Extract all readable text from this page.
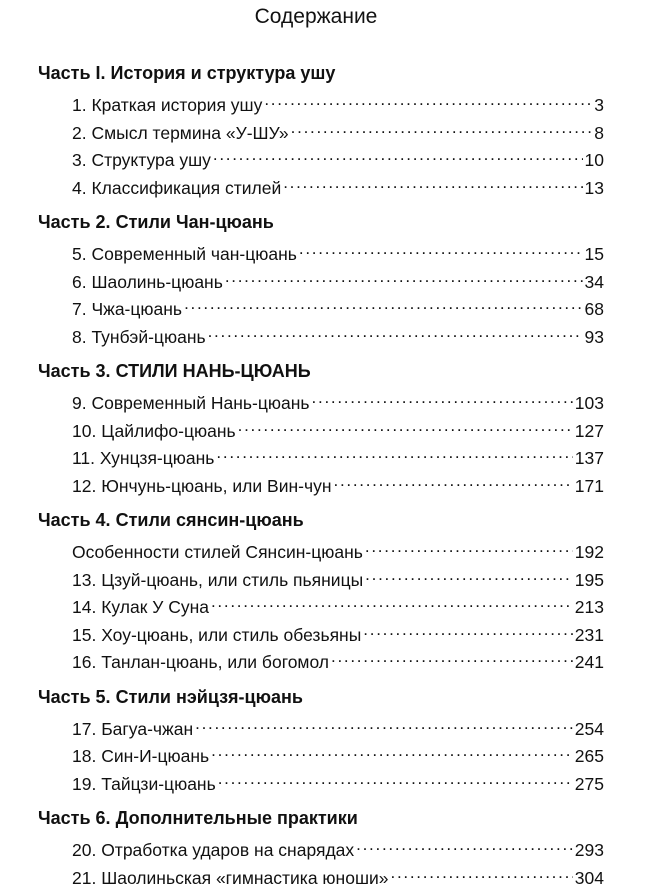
Содержание
Часть I. История и структура ушу
1. Краткая история ушу . . .	3
2. Смысл термина «У-ШУ» . . .	8
3. Структура ушу . . .	10
4. Классификация стилей . . .	13
Часть 2. Стили Чан-цюань
5. Современный чан-цюань . . .	15
6. Шаолинь-цюань . . .	34
7. Чжа-цюань . . .	68
8. Тунбэй-цюань . . .	93
Часть 3. СТИЛИ НАНЬ-ЦЮАНЬ
9. Современный Нань-цюань . . .	103
10. Цайлифо-цюань . . .	127
11. Хунцзя-цюань . . .	137
12. Юнчунь-цюань, или Вин-чун . . .	171
Часть 4. Стили сянсин-цюань
Особенности стилей Сянсин-цюань . . .	192
13. Цзуй-цюань, или стиль пьяницы . . .	195
14. Кулак У Суна . . .	213
15. Хоу-цюань, или стиль обезьяны . . .	231
16. Танлан-цюань, или богомол . . .	241
Часть 5. Стили нэйцзя-цюань
17. Багуа-чжан . . .	254
18. Син-И-цюань . . .	265
19. Тайцзи-цюань . . .	275
Часть 6. Дополнительные практики
20. Отработка ударов на снарядах . . .	293
21. Шаолиньская «гимнастика юноши» . . .	304
